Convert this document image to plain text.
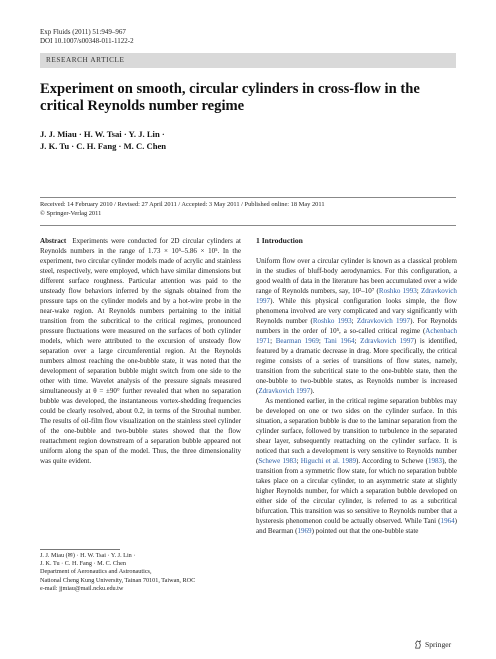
Exp Fluids (2011) 51:949–967
DOI 10.1007/s00348-011-1122-2
RESEARCH ARTICLE
Experiment on smooth, circular cylinders in cross-flow in the critical Reynolds number regime
J. J. Miau · H. W. Tsai · Y. J. Lin ·
J. K. Tu · C. H. Fang · M. C. Chen
Received: 14 February 2010 / Revised: 27 April 2011 / Accepted: 3 May 2011 / Published online: 18 May 2011
© Springer-Verlag 2011

Abstract Experiments were conducted for 2D circular cylinders at Reynolds numbers in the range of 1.73 × 10⁵–5.86 × 10⁵. In the experiment, two circular cylinder models made of acrylic and stainless steel, respectively, were employed, which have similar dimensions but different surface roughness. Particular attention was paid to the unsteady flow behaviors inferred by the signals obtained from the pressure taps on the cylinder models and by a hot-wire probe in the near-wake region. At Reynolds numbers pertaining to the initial transition from the subcritical to the critical regimes, pronounced pressure fluctuations were measured on the surfaces of both cylinder models, which were attributed to the excursion of unsteady flow separation over a large circumferential region. At the Reynolds numbers almost reaching the one-bubble state, it was noted that the development of separation bubble might switch from one side to the other with time. Wavelet analysis of the pressure signals measured simultaneously at θ = ±90° further revealed that when no separation bubble was developed, the instantaneous vortex-shedding frequencies could be clearly resolved, about 0.2, in terms of the Strouhal number. The results of oil-film flow visualization on the stainless steel cylinder of the one-bubble and two-bubble states showed that the flow reattachment region downstream of a separation bubble appeared not uniform along the span of the model. Thus, the three dimensionality was quite evident.

1 Introduction

Uniform flow over a circular cylinder is known as a classical problem in the studies of bluff-body aerodynamics. For this configuration, a good wealth of data in the literature has been accumulated over a wide range of Reynolds numbers, say, 10²–10⁷ (Roshko 1993; Zdravkovich 1997). While this physical configuration looks simple, the flow phenomena involved are very complicated and vary significantly with Reynolds number (Roshko 1993; Zdravkovich 1997). For Reynolds numbers in the order of 10⁵, a so-called critical regime (Achenbach 1971; Bearman 1969; Tani 1964; Zdravkovich 1997) is identified, featured by a dramatic decrease in drag. More specifically, the critical regime consists of a series of transitions of flow states, namely, transition from the subcritical state to the one-bubble state, then the one-bubble to two-bubble states, as Reynolds number is increased (Zdravkovich 1997).

As mentioned earlier, in the critical regime separation bubbles may be developed on one or two sides on the cylinder surface. In this situation, a separation bubble is due to the laminar separation from the cylinder surface, followed by transition to turbulence in the separated shear layer, subsequently reattaching on the cylinder surface. It is noticed that such a development is very sensitive to Reynolds number (Schewe 1983; Higuchi et al. 1989). According to Schewe (1983), the transition from a symmetric flow state, for which no separation bubble takes place on a circular cylinder, to an asymmetric state at slightly higher Reynolds number, for which a separation bubble developed on either side of the circular cylinder, is referred to as a subcritical bifurcation. This transition was so sensitive to Reynolds number that a hysteresis phenomenon could be actually observed. While Tani (1964) and Bearman (1969) pointed out that the one-bubble state

J. J. Miau (✉) · H. W. Tsai · Y. J. Lin ·
J. K. Tu · C. H. Fang · M. C. Chen
Department of Aeronautics and Astronautics,
National Cheng Kung University, Tainan 70101, Taiwan, ROC
e-mail: jjmiau@mail.ncku.edu.tw
Springer
